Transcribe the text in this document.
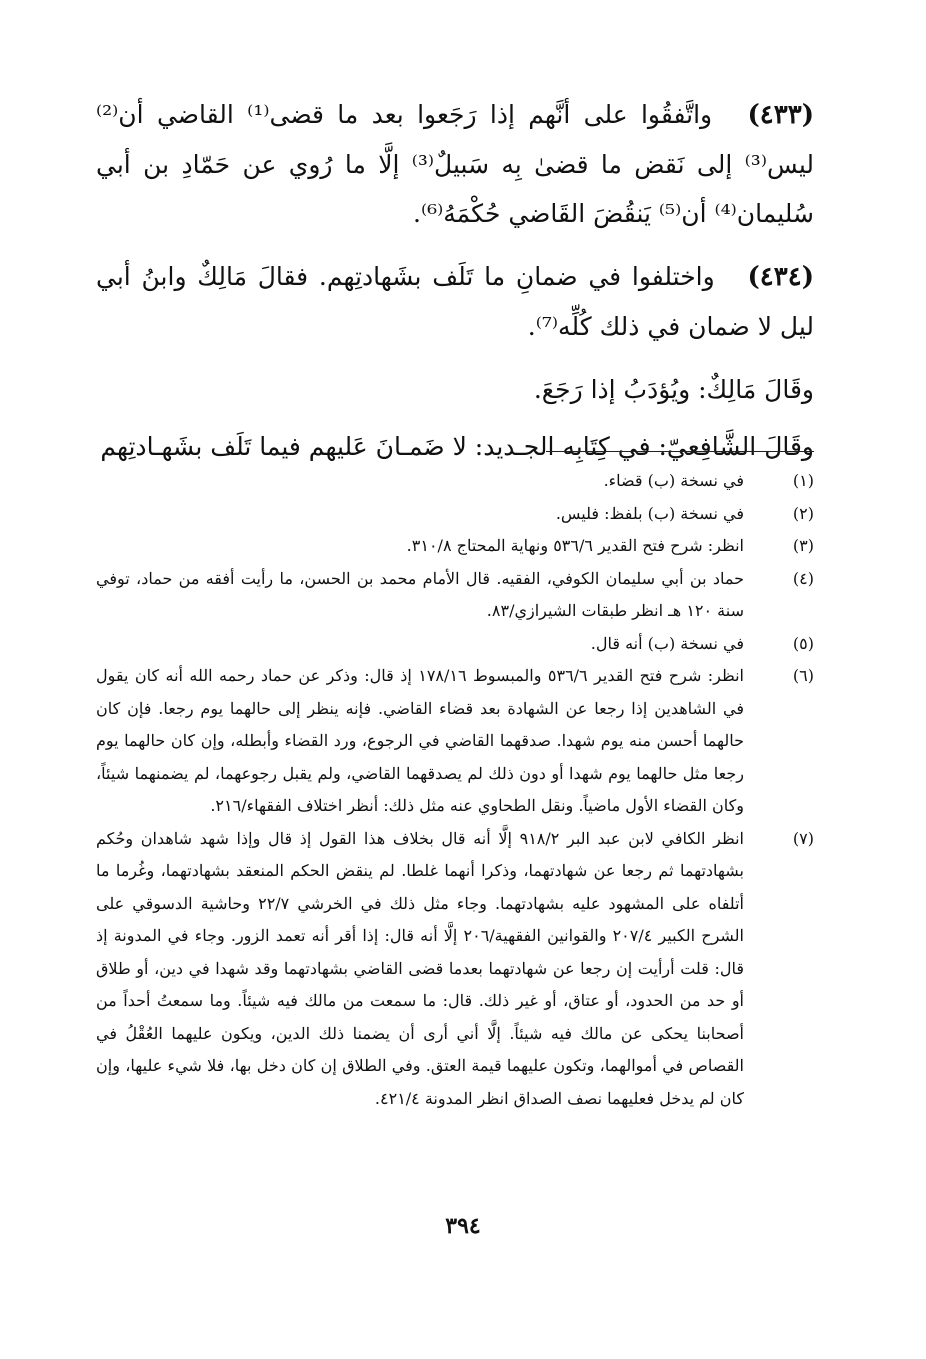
(٤٣٣) واتَّفقُوا على أنَّهم إذا رَجَعوا بعد ما قضى⁽¹⁾ القاضي أن⁽²⁾ ليس⁽³⁾ إلى نَقض ما قضىٰ بِه سَبيلٌ⁽³⁾ إلَّا ما رُوي عن حَمّادِ بن أبي سُليمان⁽⁴⁾ أن⁽⁵⁾ يَنقُضَ القَاضي حُكْمَهُ⁽⁶⁾.

(٤٣٤) واختلفوا في ضمانِ ما تَلَف بشَهادتِهم. فقالَ مَالِكٌ وابنُ أبي ليل لا ضمان في ذلك كُلِّه⁽⁷⁾.

وقَالَ مَالِكٌ: ويُؤدَبُ إذا رَجَعَ.

وقَالَ الشَّافِعيّ: في كِتَابِه الجـديد: لا ضَمـانَ عَليهم فيما تَلَف بشَهـادتِهم

(١)
في نسخة (ب) قضاء.
(٢)
في نسخة (ب) بلفظ: فليس.
(٣)
انظر: شرح فتح القدير ٥٣٦/٦ ونهاية المحتاج ٣١٠/٨.
(٤)
حماد بن أبي سليمان الكوفي، الفقيه. قال الأمام محمد بن الحسن، ما رأيت أفقه من حماد، توفي سنة ١٢٠ هـ انظر طبقات الشيرازي/٨٣.
(٥)
في نسخة (ب) أنه قال.
(٦)
انظر: شرح فتح القدير ٥٣٦/٦ والمبسوط ١٧٨/١٦ إذ قال: وذكر عن حماد رحمه الله أنه كان يقول في الشاهدين إذا رجعا عن الشهادة بعد قضاء القاضي. فإنه ينظر إلى حالهما يوم رجعا. فإن كان حالهما أحسن منه يوم شهدا. صدقهما القاضي في الرجوع، ورد القضاء وأبطله، وإن كان حالهما يوم رجعا مثل حالهما يوم شهدا أو دون ذلك لم يصدقهما القاضي، ولم يقبل رجوعهما، لم يضمنهما شيئاً، وكان القضاء الأول ماضياً. ونقل الطحاوي عنه مثل ذلك: أنظر اختلاف الفقهاء/٢١٦.
(٧)
انظر الكافي لابن عبد البر ٩١٨/٢ إلَّا أنه قال بخلاف هذا القول إذ قال وإذا شهد شاهدان وحُكم بشهادتهما ثم رجعا عن شهادتهما، وذكرا أنهما غلطا. لم ينقض الحكم المنعقد بشهادتهما، وغُرما ما أتلفاه على المشهود عليه بشهادتهما. وجاء مثل ذلك في الخرشي ٢٢/٧ وحاشية الدسوقي على الشرح الكبير ٢٠٧/٤ والقوانين الفقهية/٢٠٦ إلَّا أنه قال: إذا أقر أنه تعمد الزور. وجاء في المدونة إذ قال: قلت أرأيت إن رجعا عن شهادتهما بعدما قضى القاضي بشهادتهما وقد شهدا في دين، أو طلاق أو حد من الحدود، أو عتاق، أو غير ذلك. قال: ما سمعت من مالك فيه شيئاً. وما سمعتُ أحداً من أصحابنا يحكى عن مالك فيه شيئاً. إلَّا أني أرى أن يضمنا ذلك الدين، ويكون عليهما العُقْلُ في القصاص في أموالهما، وتكون عليهما قيمة العتق. وفي الطلاق إن كان دخل بها، فلا شيء عليها، وإن كان لم يدخل فعليهما نصف الصداق انظر المدونة ٤٢١/٤.
٣٩٤
